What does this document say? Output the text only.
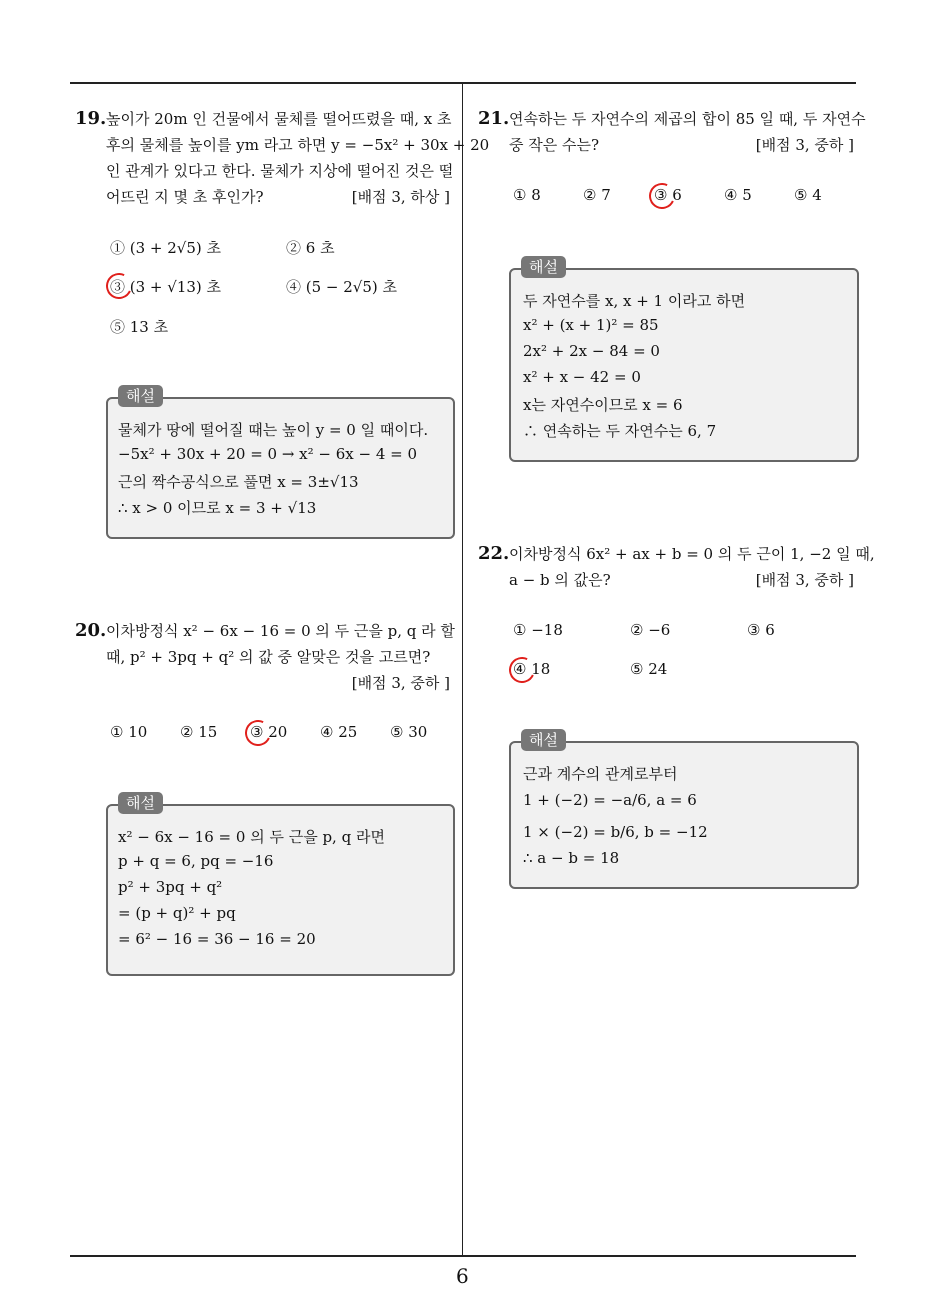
6
19. 높이가 20m 인 건물에서 물체를 떨어뜨렸을 때, x 초
후의 물체를 높이를 ym 라고 하면 y = −5x² + 30x + 20
인 관계가 있다고 한다. 물체가 지상에 떨어진 것은 떨
어뜨린 지 몇 초 후인가?	[배점 3, 하상 ]
① (3 + 2√5) 초	② 6 초
③ (3 + √13) 초	④ (5 − 2√5) 초
⑤ 13 초
해설
물체가 땅에 떨어질 때는 높이 y = 0 일 때이다.
−5x² + 30x + 20 = 0 → x² − 6x − 4 = 0
근의 짝수공식으로 풀면 x = 3±√13
∴ x > 0 이므로 x = 3 + √13
20. 이차방정식 x² − 6x − 16 = 0 의 두 근을 p, q 라 할
때, p² + 3pq + q² 의 값 중 알맞은 것을 고르면?
[배점 3, 중하 ]
① 10 ② 15 ③ 20 ④ 25 ⑤ 30
해설
x² − 6x − 16 = 0 의 두 근을 p, q 라면
p + q = 6, pq = −16
p² + 3pq + q²
= (p + q)² + pq
= 6² − 16 = 36 − 16 = 20
21. 연속하는 두 자연수의 제곱의 합이 85 일 때, 두 자연수
중 작은 수는?	[배점 3, 중하 ]
① 8	② 7	③ 6	④ 5	⑤ 4
해설
두 자연수를 x, x + 1 이라고 하면
x² + (x + 1)² = 85
2x² + 2x − 84 = 0
x² + x − 42 = 0
x는 자연수이므로 x = 6
∴ 연속하는 두 자연수는 6, 7
22. 이차방정식 6x² + ax + b = 0 의 두 근이 1, −2 일 때,
a − b 의 값은?	[배점 3, 중하 ]
① −18	② −6	③ 6
④ 18	⑤ 24
해설
근과 계수의 관계로부터
1 + (−2) = −a/6, a = 6
1 × (−2) = b/6, b = −12
∴ a − b = 18
